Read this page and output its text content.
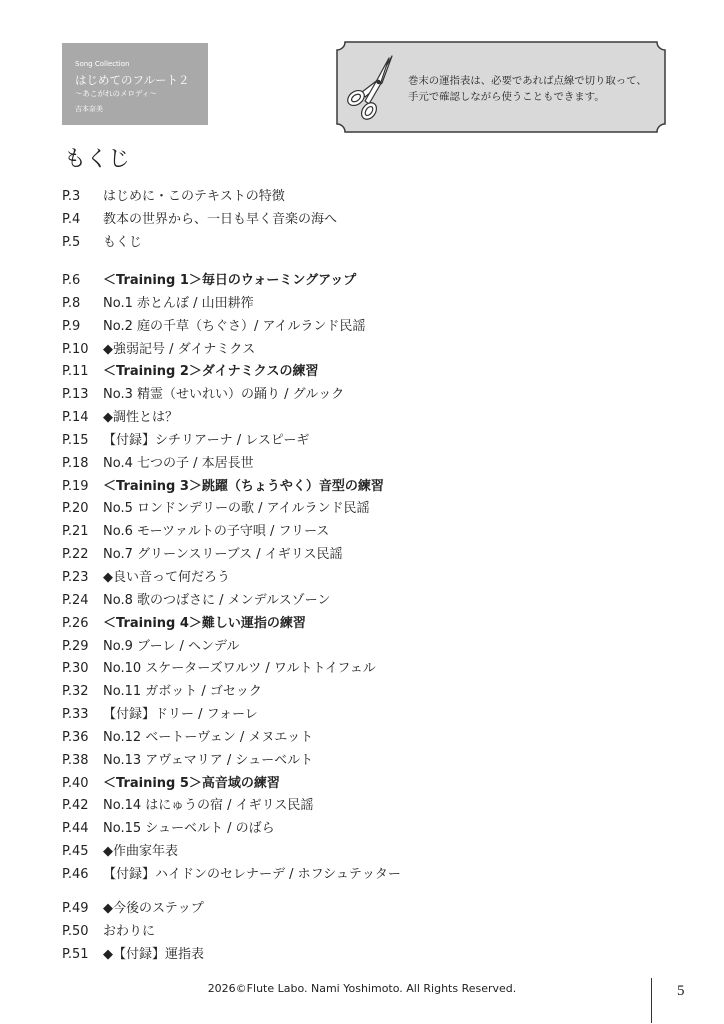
Song Collection
はじめてのフルート２
〜あこがれのメロディ〜
吉本奈美
巻末の運指表は、必要であれば点線で切り取って、
手元で確認しながら使うこともできます。
もくじ
P.3	はじめに・このテキストの特徴
P.4	教本の世界から、一日も早く音楽の海へ
P.5	もくじ
P.6	＜Training 1＞毎日のウォーミングアップ
P.8	No.1 赤とんぼ / 山田耕筰
P.9	No.2 庭の千草（ちぐさ）/ アイルランド民謡
P.10	◆強弱記号 / ダイナミクス
P.11	＜Training 2＞ダイナミクスの練習
P.13	No.3 精霊（せいれい）の踊り / グルック
P.14	◆調性とは？
P.15	【付録】シチリアーナ / レスピーギ
P.18	No.4 七つの子 / 本居長世
P.19	＜Training 3＞跳躍（ちょうやく）音型の練習
P.20	No.5 ロンドンデリーの歌 / アイルランド民謡
P.21	No.6 モーツァルトの子守唄 / フリース
P.22	No.7 グリーンスリーブス / イギリス民謡
P.23	◆良い音って何だろう
P.24	No.8 歌のつばさに / メンデルスゾーン
P.26	＜Training 4＞難しい運指の練習
P.29	No.9 ブーレ / ヘンデル
P.30	No.10 スケーターズワルツ / ワルトトイフェル
P.32	No.11 ガボット / ゴセック
P.33	【付録】ドリー / フォーレ
P.36	No.12 ベートーヴェン / メヌエット
P.38	No.13 アヴェマリア / シューベルト
P.40	＜Training 5＞高音域の練習
P.42	No.14 はにゅうの宿 / イギリス民謡
P.44	No.15 シューベルト / のばら
P.45	◆作曲家年表
P.46	【付録】ハイドンのセレナーデ / ホフシュテッター
P.49	◆今後のステップ
P.50	おわりに
P.51	◆【付録】運指表
2026©Flute Labo. Nami Yoshimoto. All Rights Reserved.	5
